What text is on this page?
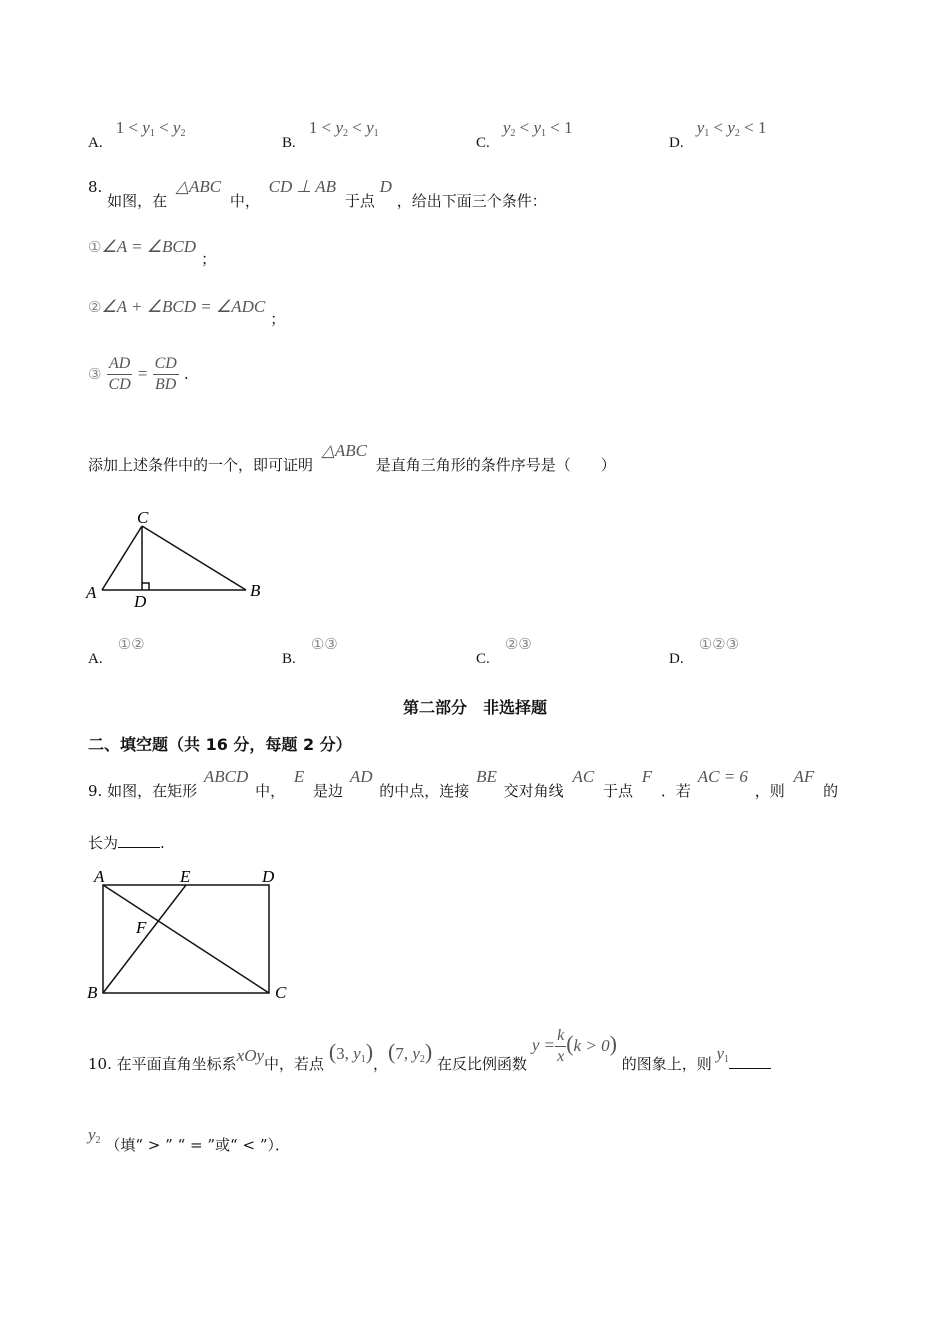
A. $1 < y_1 < y_2$
B. $1 < y_2 < y_1$
C. $y_2 < y_1 < 1$
D. $y_1 < y_2 < 1$
8. 如图，在 △ABC 中， CD ⊥ AB 于点 D ，给出下面三个条件：
①∠A = ∠BCD ；
②∠A + ∠BCD = ∠ADC ；
③ $\frac{AD}{CD} = \frac{CD}{BD}$ .
添加上述条件中的一个，即可证明 △ABC 是直角三角形的条件序号是（　　）
C
A D
B
A. ①②
B. ①③
C. ②③
D. ①②③
第二部分　非选择题
二、填空题（共 16 分，每题 2 分）
9. 如图，在矩形 ABCD 中， E 是边 AD 的中点，连接 BE 交对角线 AC 于点 F ．若 AC = 6 ，则 AF 的
长为	.
A	E	D
F
B	C
10. 在平面直角坐标系xOy中，若点 (3, $y_1$)，(7, $y_2$) 在反比例函数 $y = \frac{k}{x} (k > 0)$ 的图象上，则 $y_1$
$y_2$ （填“ > ” “ = ”或“ < ”）．
